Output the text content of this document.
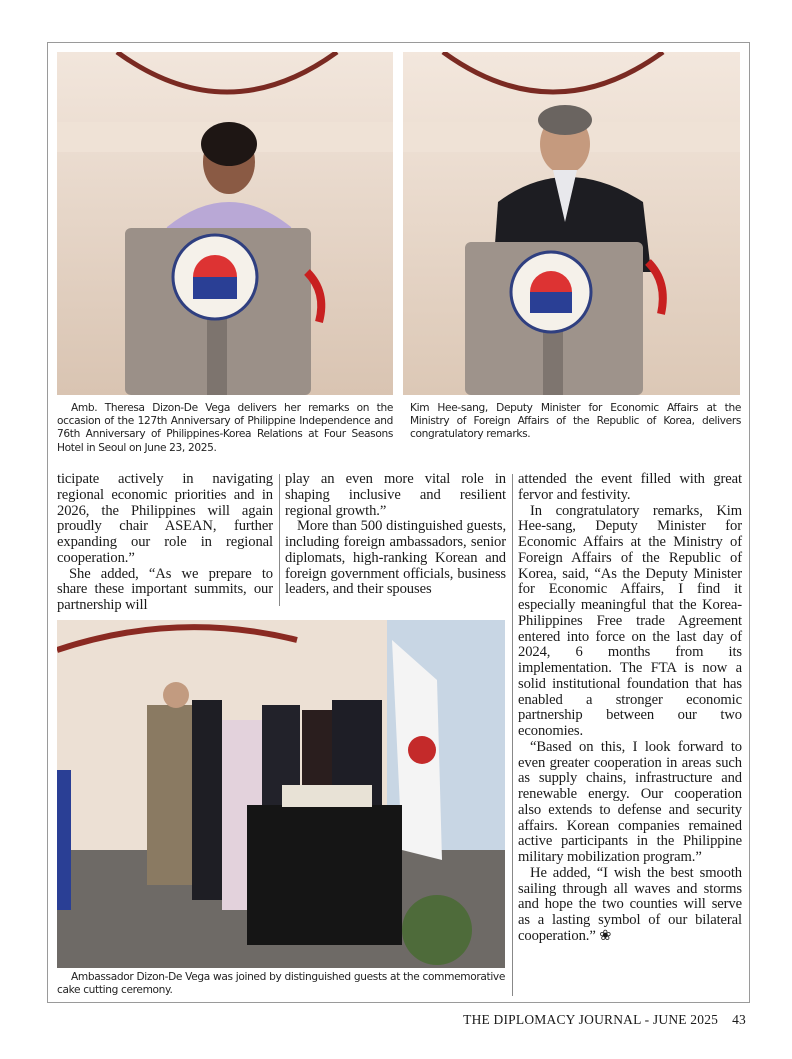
Amb. Theresa Dizon-De Vega delivers her remarks on the occasion of the 127th Anniversary of Philippine Independence and 76th Anniversary of Philippines-Korea Relations at Four Seasons Hotel in Seoul on June 23, 2025.
Kim Hee-sang, Deputy Minister for Economic Affairs at the Ministry of Foreign Affairs of the Republic of Korea, delivers congratulatory remarks.

ticipate actively in navigating regional economic priorities and in 2026, the Philippines will again proudly chair ASEAN, further expanding our role in regional cooperation.”

She added, “As we prepare to share these important summits, our partnership will

play an even more vital role in shaping inclusive and resilient regional growth.”

More than 500 distinguished guests, including foreign ambassadors, senior diplomats, high-ranking Korean and foreign government officials, business leaders, and their spouses

attended the event filled with great fervor and festivity.

In congratulatory remarks, Kim Hee-sang, Deputy Minister for Economic Affairs at the Ministry of Foreign Affairs of the Republic of Korea, said, “As the Deputy Minister for Economic Affairs, I find it especially meaningful that the Korea-Philippines Free trade Agreement entered into force on the last day of 2024, 6 months from its implementation. The FTA is now a solid institutional foundation that has enabled a stronger economic partnership between our two economies.

“Based on this, I look forward to even greater cooperation in areas such as supply chains, infrastructure and renewable energy. Our cooperation also extends to defense and security affairs. Korean companies remained active participants in the Philippine military mobilization program.”

He added, “I wish the best smooth sailing through all waves and storms and hope the two counties will serve as a lasting symbol of our bilateral cooperation.” ❀

Ambassador Dizon-De Vega was joined by distinguished guests at the commemorative cake cutting ceremony.
THE DIPLOMACY JOURNAL - JUNE 2025 43
